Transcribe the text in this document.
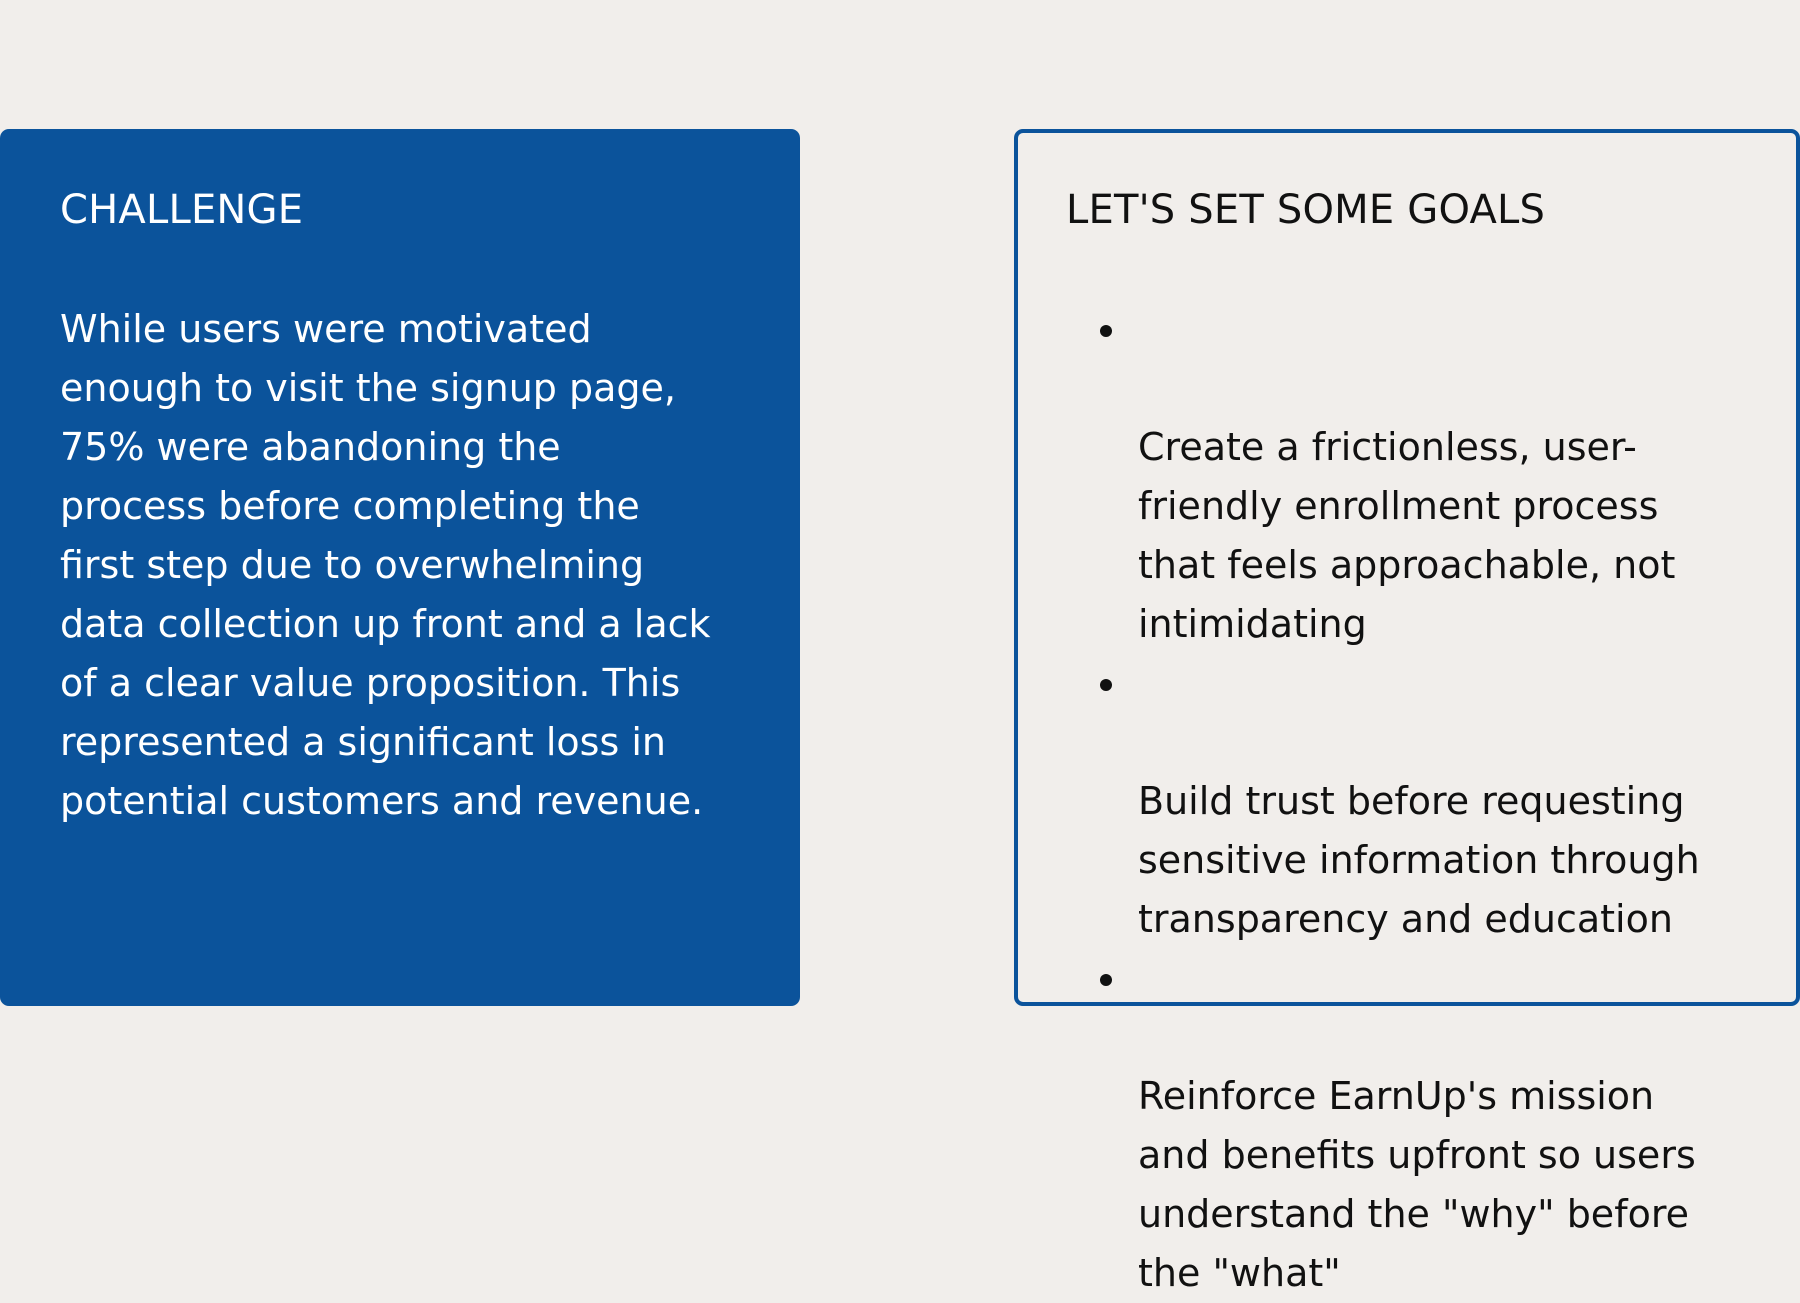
CHALLENGE

While users were motivated
enough to visit the signup page,
75% were abandoning the
process before completing the
first step due to overwhelming
data collection up front and a lack
of a clear value proposition. This
represented a significant loss in
potential customers and revenue.

LET'S SET SOME GOALS

Create a frictionless, user-
friendly enrollment process
that feels approachable, not
intimidating

Build trust before requesting
sensitive information through
transparency and education

Reinforce EarnUp's mission
and benefits upfront so users
understand the "why" before
the "what"
